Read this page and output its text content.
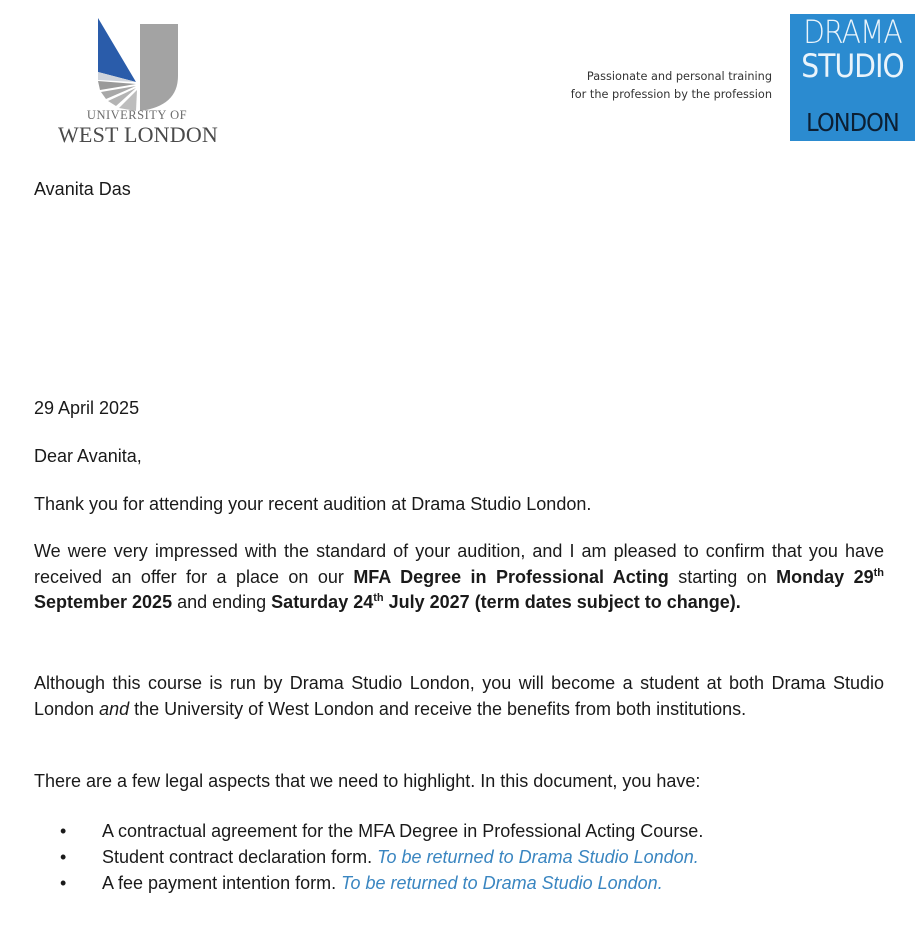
UNIVERSITY OF
WEST LONDON
Passionate and personal training
for the profession by the profession
DRAMA
STUDIO
LONDON
Avanita Das
29 April 2025
Dear Avanita,
Thank you for attending your recent audition at Drama Studio London.
We were very impressed with the standard of your audition, and I am pleased to confirm that you have received an offer for a place on our MFA Degree in Professional Acting starting on Monday 29th September 2025 and ending Saturday 24th July 2027 (term dates subject to change).
Although this course is run by Drama Studio London, you will become a student at both Drama Studio London and the University of West London and receive the benefits from both institutions.
There are a few legal aspects that we need to highlight. In this document, you have:
• A contractual agreement for the MFA Degree in Professional Acting Course.
• Student contract declaration form. To be returned to Drama Studio London.
• A fee payment intention form. To be returned to Drama Studio London.
